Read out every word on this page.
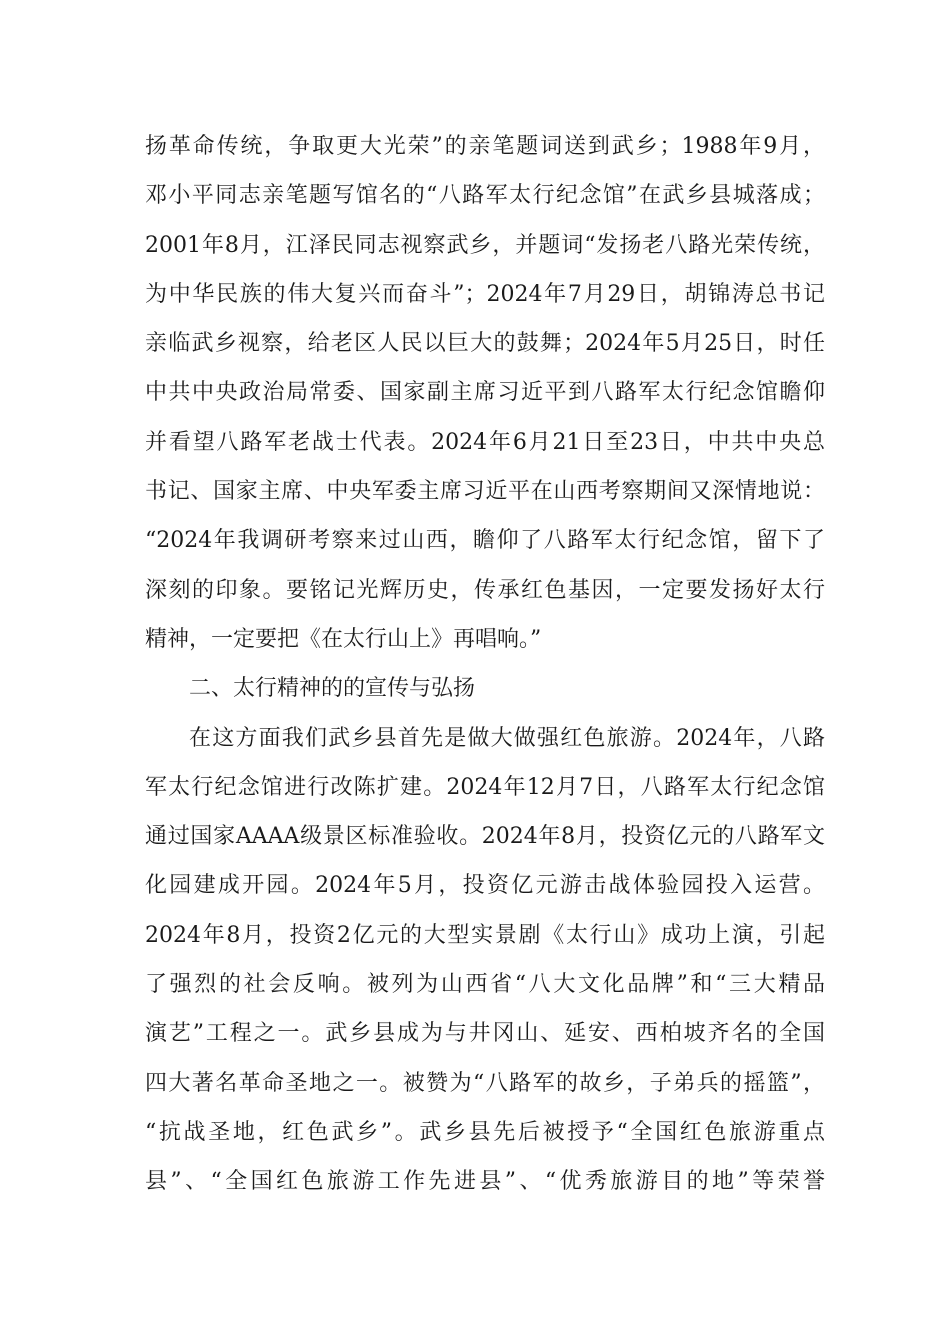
扬革命传统，争取更大光荣”的亲笔题词送到武乡；1988年9月，
邓小平同志亲笔题写馆名的“八路军太行纪念馆”在武乡县城落成；
2001年8月，江泽民同志视察武乡，并题词“发扬老八路光荣传统，
为中华民族的伟大复兴而奋斗”；2024年7月29日，胡锦涛总书记
亲临武乡视察，给老区人民以巨大的鼓舞；2024年5月25日，时任
中共中央政治局常委、国家副主席习近平到八路军太行纪念馆瞻仰
并看望八路军老战士代表。2024年6月21日至23日，中共中央总
书记、国家主席、中央军委主席习近平在山西考察期间又深情地说：
“2024年我调研考察来过山西，瞻仰了八路军太行纪念馆，留下了
深刻的印象。要铭记光辉历史，传承红色基因，一定要发扬好太行
精神，一定要把《在太行山上》再唱响。”
二、太行精神的的宣传与弘扬
在这方面我们武乡县首先是做大做强红色旅游。2024年，八路
军太行纪念馆进行改陈扩建。2024年12月7日，八路军太行纪念馆
通过国家AAAA级景区标准验收。2024年8月，投资亿元的八路军文
化园建成开园。2024年5月，投资亿元游击战体验园投入运营。
2024年8月，投资2亿元的大型实景剧《太行山》成功上演，引起
了强烈的社会反响。被列为山西省“八大文化品牌”和“三大精品
演艺”工程之一。武乡县成为与井冈山、延安、西柏坡齐名的全国
四大著名革命圣地之一。被赞为“八路军的故乡，子弟兵的摇篮”，
“抗战圣地，红色武乡”。武乡县先后被授予“全国红色旅游重点
县”、“全国红色旅游工作先进县”、“优秀旅游目的地”等荣誉
